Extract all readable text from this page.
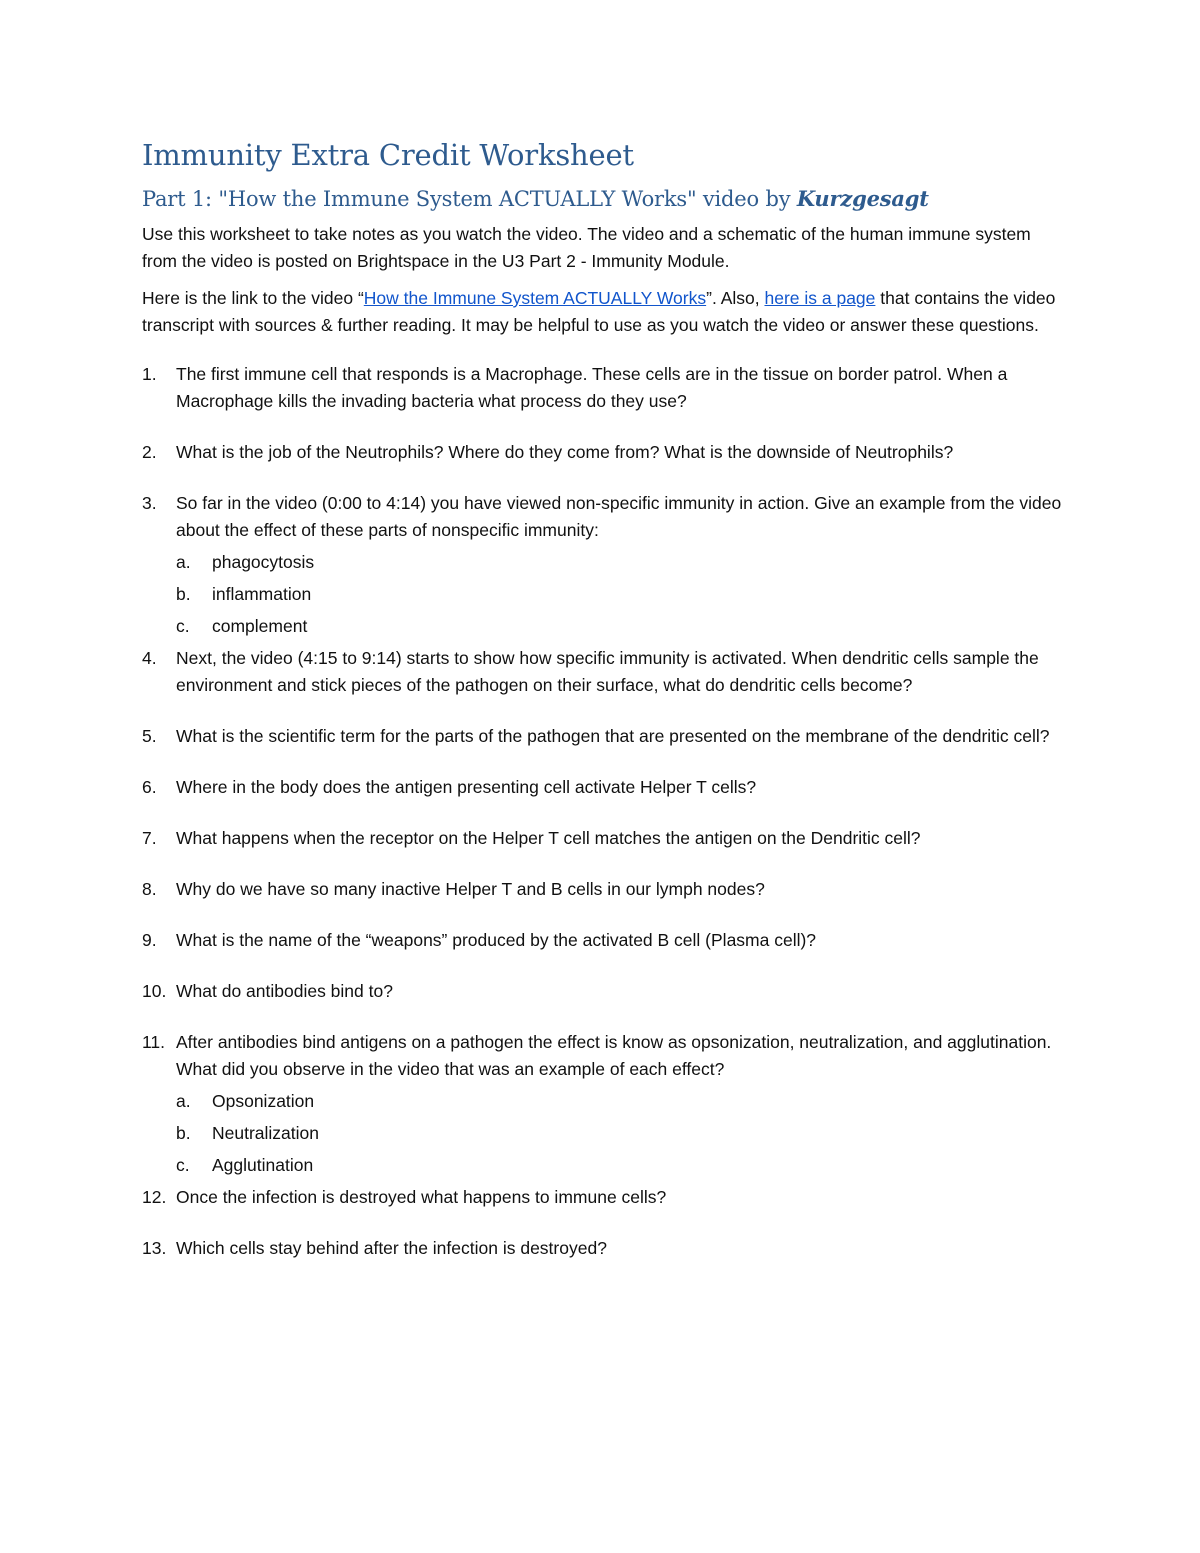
Immunity Extra Credit Worksheet
Part 1: "How the Immune System ACTUALLY Works" video by Kurzgesagt

Use this worksheet to take notes as you watch the video. The video and a schematic of the human immune system from the video is posted on Brightspace in the U3 Part 2 - Immunity Module.

Here is the link to the video “How the Immune System ACTUALLY Works”. Also, here is a page that contains the video transcript with sources & further reading. It may be helpful to use as you watch the video or answer these questions.

1. The first immune cell that responds is a Macrophage. These cells are in the tissue on border patrol. When a Macrophage kills the invading bacteria what process do they use?
2. What is the job of the Neutrophils? Where do they come from? What is the downside of Neutrophils?
3. So far in the video (0:00 to 4:14) you have viewed non-specific immunity in action. Give an example from the video about the effect of these parts of nonspecific immunity:
a. phagocytosis
b. inflammation
c. complement
4. Next, the video (4:15 to 9:14) starts to show how specific immunity is activated. When dendritic cells sample the environment and stick pieces of the pathogen on their surface, what do dendritic cells become?
5. What is the scientific term for the parts of the pathogen that are presented on the membrane of the dendritic cell?
6. Where in the body does the antigen presenting cell activate Helper T cells?
7. What happens when the receptor on the Helper T cell matches the antigen on the Dendritic cell?
8. Why do we have so many inactive Helper T and B cells in our lymph nodes?
9. What is the name of the “weapons” produced by the activated B cell (Plasma cell)?
10. What do antibodies bind to?
11. After antibodies bind antigens on a pathogen the effect is know as opsonization, neutralization, and agglutination. What did you observe in the video that was an example of each effect?
a. Opsonization
b. Neutralization
c. Agglutination
12. Once the infection is destroyed what happens to immune cells?
13. Which cells stay behind after the infection is destroyed?
